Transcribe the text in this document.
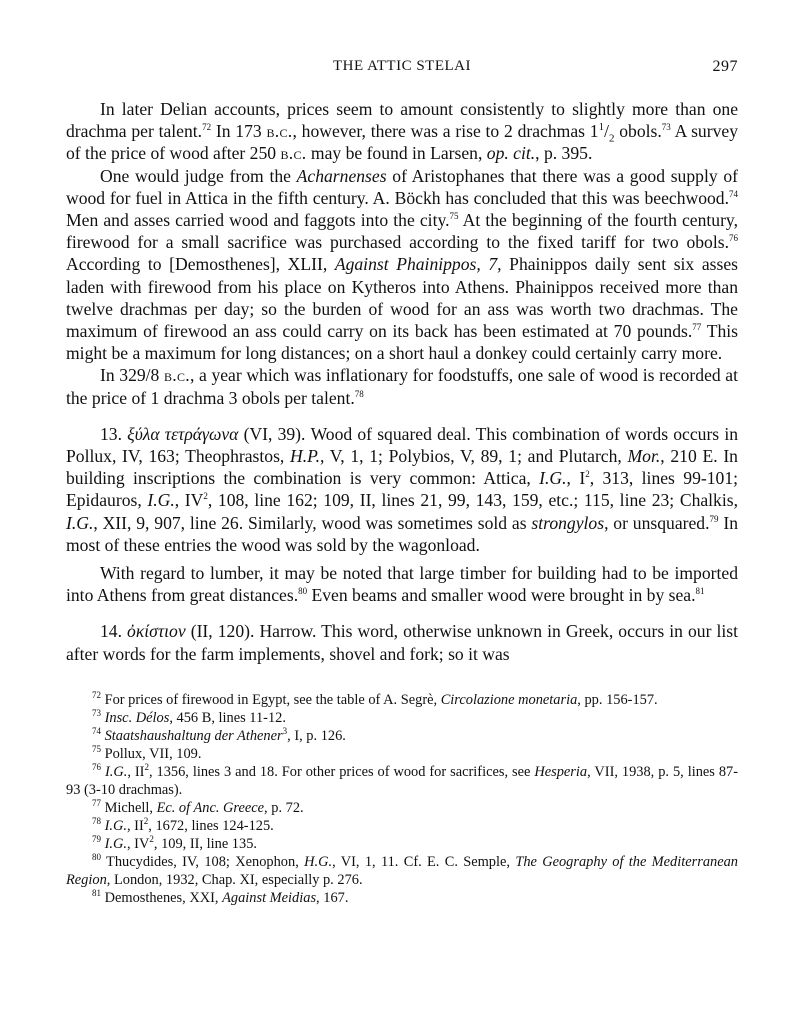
THE ATTIC STELAI	297

In later Delian accounts, prices seem to amount consistently to slightly more than one drachma per talent.$^{72}$ In 173 b.c., however, there was a rise to 2 drachmas $1^1/_2$ obols.$^{73}$ A survey of the price of wood after 250 b.c. may be found in Larsen, op. cit., p. 395.

One would judge from the Acharnenses of Aristophanes that there was a good supply of wood for fuel in Attica in the fifth century. A. Böckh has concluded that this was beechwood.$^{74}$ Men and asses carried wood and faggots into the city.$^{75}$ At the beginning of the fourth century, firewood for a small sacrifice was purchased according to the fixed tariff for two obols.$^{76}$ According to [Demosthenes], XLII, Against Phainippos, 7, Phainippos daily sent six asses laden with firewood from his place on Kytheros into Athens. Phainippos received more than twelve drachmas per day; so the burden of wood for an ass was worth two drachmas. The maximum of firewood an ass could carry on its back has been estimated at 70 pounds.$^{77}$ This might be a maximum for long distances; on a short haul a donkey could certainly carry more.

In 329/8 b.c., a year which was inflationary for foodstuffs, one sale of wood is recorded at the price of 1 drachma 3 obols per talent.$^{78}$

13. ξύλα τετράγωνα (VI, 39). Wood of squared deal. This combination of words occurs in Pollux, IV, 163; Theophrastos, H.P., V, 1, 1; Polybios, V, 89, 1; and Plutarch, Mor., 210 E. In building inscriptions the combination is very common: Attica, I.G., $I^2$, 313, lines 99-101; Epidauros, I.G., $IV^2$, 108, line 162; 109, II, lines 21, 99, 143, 159, etc.; 115, line 23; Chalkis, I.G., XII, 9, 907, line 26. Similarly, wood was sometimes sold as strongylos, or unsquared.$^{79}$ In most of these entries the wood was sold by the wagonload.

With regard to lumber, it may be noted that large timber for building had to be imported into Athens from great distances.$^{80}$ Even beams and smaller wood were brought in by sea.$^{81}$

14. ὀκίστιον (II, 120). Harrow. This word, otherwise unknown in Greek, occurs in our list after words for the farm implements, shovel and fork; so it was

$^{72}$ For prices of firewood in Egypt, see the table of A. Segrè, Circolazione monetaria, pp. 156-157.

$^{73}$ Insc. Délos, 456 B, lines 11-12.

$^{74}$ Staatshaushaltung der Athener$^3$, I, p. 126.

$^{75}$ Pollux, VII, 109.

$^{76}$ I.G., $II^2$, 1356, lines 3 and 18. For other prices of wood for sacrifices, see Hesperia, VII, 1938, p. 5, lines 87-93 (3-10 drachmas).

$^{77}$ Michell, Ec. of Anc. Greece, p. 72.

$^{78}$ I.G., $II^2$, 1672, lines 124-125.

$^{79}$ I.G., $IV^2$, 109, II, line 135.

$^{80}$ Thucydides, IV, 108; Xenophon, H.G., VI, 1, 11. Cf. E. C. Semple, The Geography of the Mediterranean Region, London, 1932, Chap. XI, especially p. 276.

$^{81}$ Demosthenes, XXI, Against Meidias, 167.
